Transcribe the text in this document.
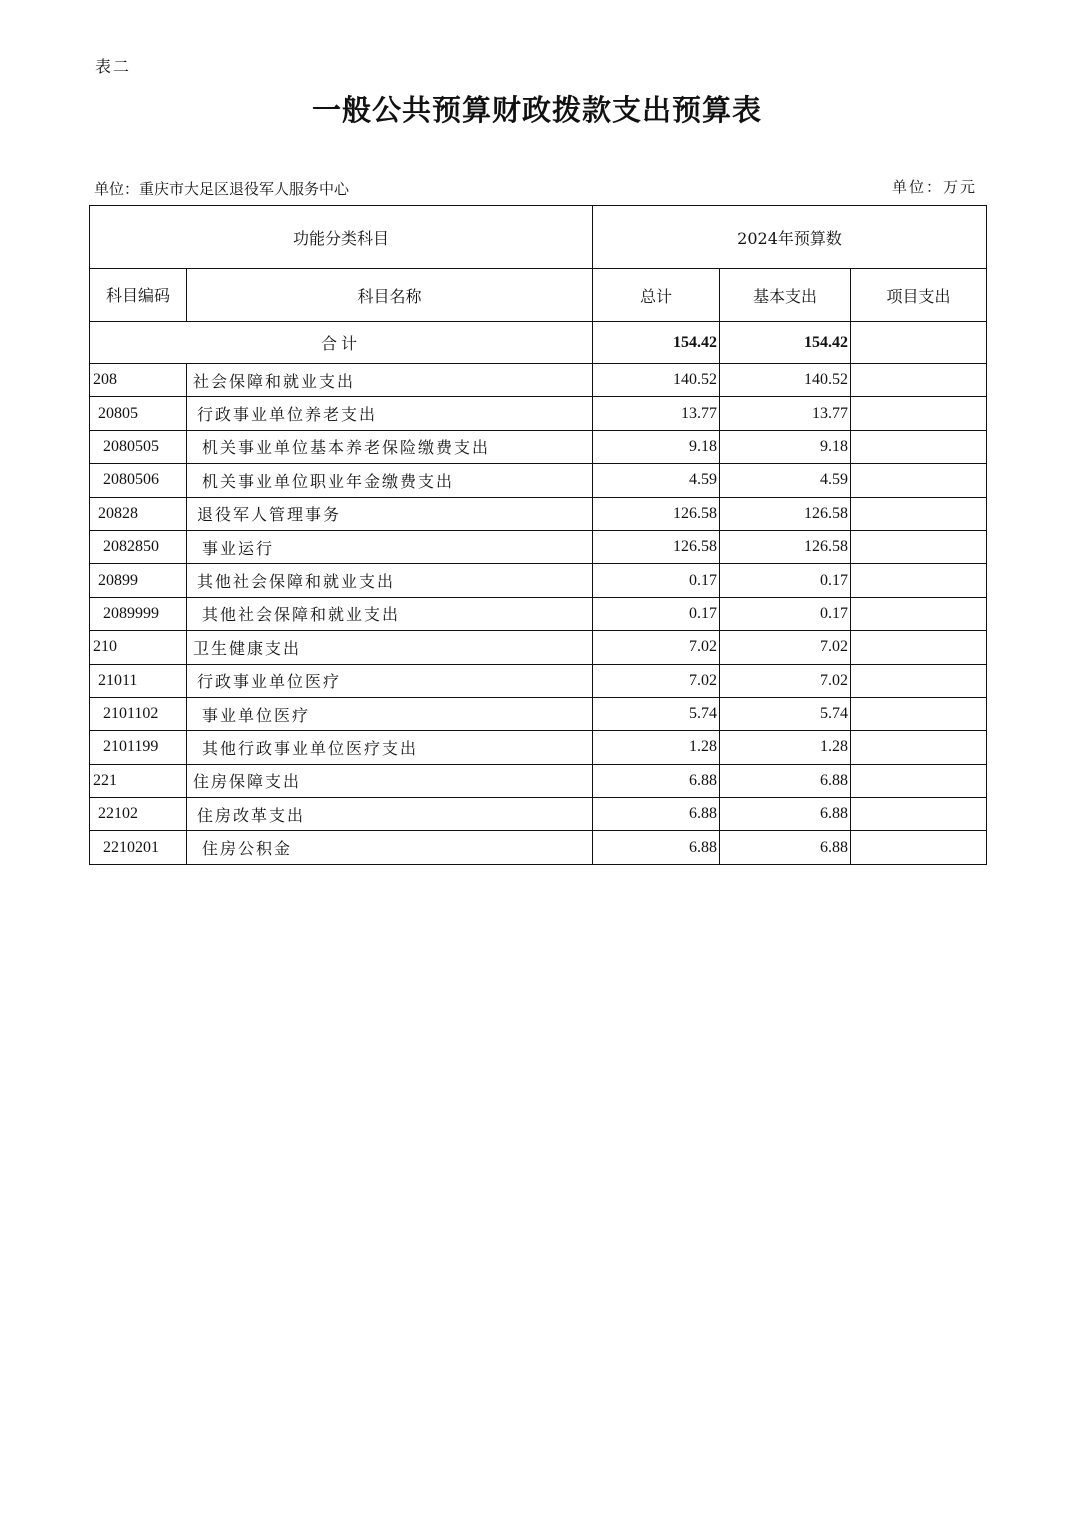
表二
一般公共预算财政拨款支出预算表
单位：重庆市大足区退役军人服务中心	单位：万元
功能分类科目		2024年预算数		
科目编码	科目名称	总计	基本支出	项目支出
合计		154.42	154.42	
208	社会保障和就业支出	140.52	140.52	
20805	行政事业单位养老支出	13.77	13.77	
2080505	机关事业单位基本养老保险缴费支出	9.18	9.18	
2080506	机关事业单位职业年金缴费支出	4.59	4.59	
20828	退役军人管理事务	126.58	126.58	
2082850	事业运行	126.58	126.58	
20899	其他社会保障和就业支出	0.17	0.17	
2089999	其他社会保障和就业支出	0.17	0.17	
210	卫生健康支出	7.02	7.02	
21011	行政事业单位医疗	7.02	7.02	
2101102	事业单位医疗	5.74	5.74	
2101199	其他行政事业单位医疗支出	1.28	1.28	
221	住房保障支出	6.88	6.88	
22102	住房改革支出	6.88	6.88	
2210201	住房公积金	6.88	6.88	
